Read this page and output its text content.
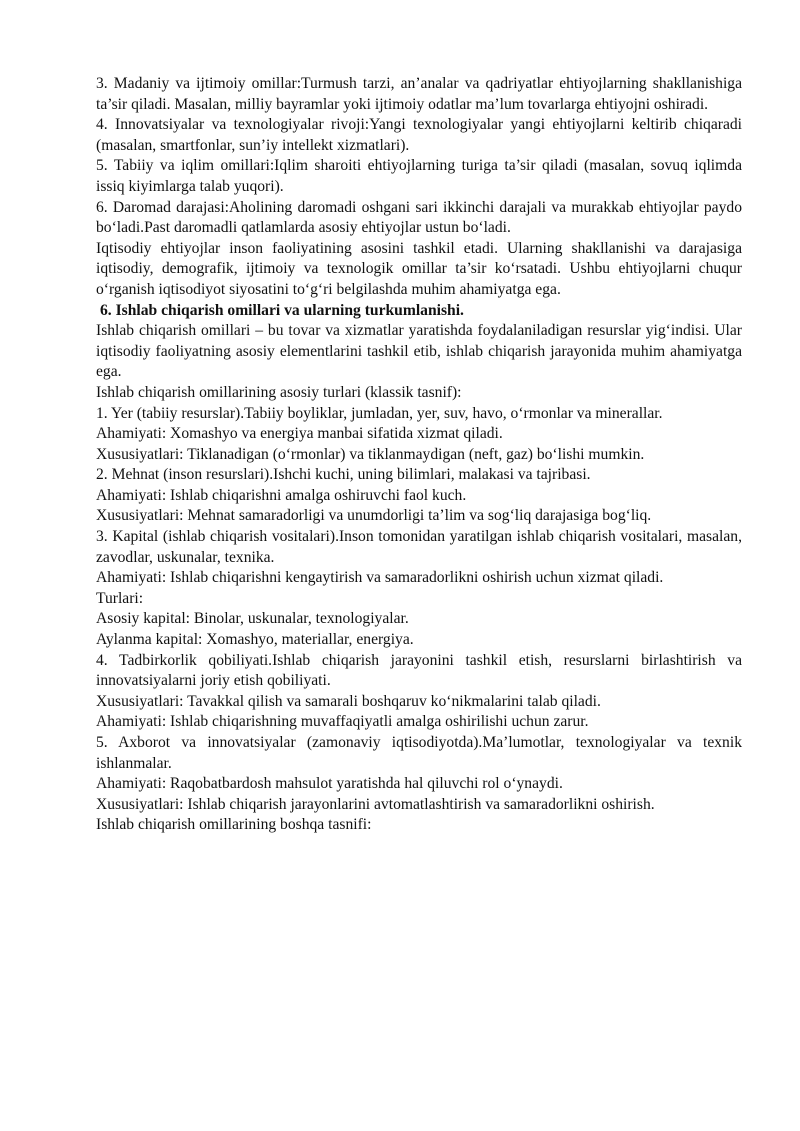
3. Madaniy va ijtimoiy omillar:Turmush tarzi, an’analar va qadriyatlar ehtiyojlarning shakllanishiga ta’sir qiladi. Masalan, milliy bayramlar yoki ijtimoiy odatlar ma’lum tovarlarga ehtiyojni oshiradi.

4. Innovatsiyalar va texnologiyalar rivoji:Yangi texnologiyalar yangi ehtiyojlarni keltirib chiqaradi (masalan, smartfonlar, sun’iy intellekt xizmatlari).

5. Tabiiy va iqlim omillari:Iqlim sharoiti ehtiyojlarning turiga ta’sir qiladi (masalan, sovuq iqlimda issiq kiyimlarga talab yuqori).

6. Daromad darajasi:Aholining daromadi oshgani sari ikkinchi darajali va murakkab ehtiyojlar paydo bo‘ladi.Past daromadli qatlamlarda asosiy ehtiyojlar ustun bo‘ladi.

Iqtisodiy ehtiyojlar inson faoliyatining asosini tashkil etadi. Ularning shakllanishi va darajasiga iqtisodiy, demografik, ijtimoiy va texnologik omillar ta’sir ko‘rsatadi. Ushbu ehtiyojlarni chuqur o‘rganish iqtisodiyot siyosatini to‘g‘ri belgilashda muhim ahamiyatga ega.

6. Ishlab chiqarish omillari va ularning turkumlanishi.

Ishlab chiqarish omillari – bu tovar va xizmatlar yaratishda foydalaniladigan resurslar yig‘indisi. Ular iqtisodiy faoliyatning asosiy elementlarini tashkil etib, ishlab chiqarish jarayonida muhim ahamiyatga ega.

Ishlab chiqarish omillarining asosiy turlari (klassik tasnif):

1. Yer (tabiiy resurslar).Tabiiy boyliklar, jumladan, yer, suv, havo, o‘rmonlar va minerallar.

Ahamiyati: Xomashyo va energiya manbai sifatida xizmat qiladi.

Xususiyatlari: Tiklanadigan (o‘rmonlar) va tiklanmaydigan (neft, gaz) bo‘lishi mumkin.

2. Mehnat (inson resurslari).Ishchi kuchi, uning bilimlari, malakasi va tajribasi.

Ahamiyati: Ishlab chiqarishni amalga oshiruvchi faol kuch.

Xususiyatlari: Mehnat samaradorligi va unumdorligi ta’lim va sog‘liq darajasiga bog‘liq.

3. Kapital (ishlab chiqarish vositalari).Inson tomonidan yaratilgan ishlab chiqarish vositalari, masalan, zavodlar, uskunalar, texnika.

Ahamiyati: Ishlab chiqarishni kengaytirish va samaradorlikni oshirish uchun xizmat qiladi.

Turlari:

Asosiy kapital: Binolar, uskunalar, texnologiyalar.

Aylanma kapital: Xomashyo, materiallar, energiya.

4. Tadbirkorlik qobiliyati.Ishlab chiqarish jarayonini tashkil etish, resurslarni birlashtirish va innovatsiyalarni joriy etish qobiliyati.

Xususiyatlari: Tavakkal qilish va samarali boshqaruv ko‘nikmalarini talab qiladi.

Ahamiyati: Ishlab chiqarishning muvaffaqiyatli amalga oshirilishi uchun zarur.

5. Axborot va innovatsiyalar (zamonaviy iqtisodiyotda).Ma’lumotlar, texnologiyalar va texnik ishlanmalar.

Ahamiyati: Raqobatbardosh mahsulot yaratishda hal qiluvchi rol o‘ynaydi.

Xususiyatlari: Ishlab chiqarish jarayonlarini avtomatlashtirish va samaradorlikni oshirish.

Ishlab chiqarish omillarining boshqa tasnifi:
